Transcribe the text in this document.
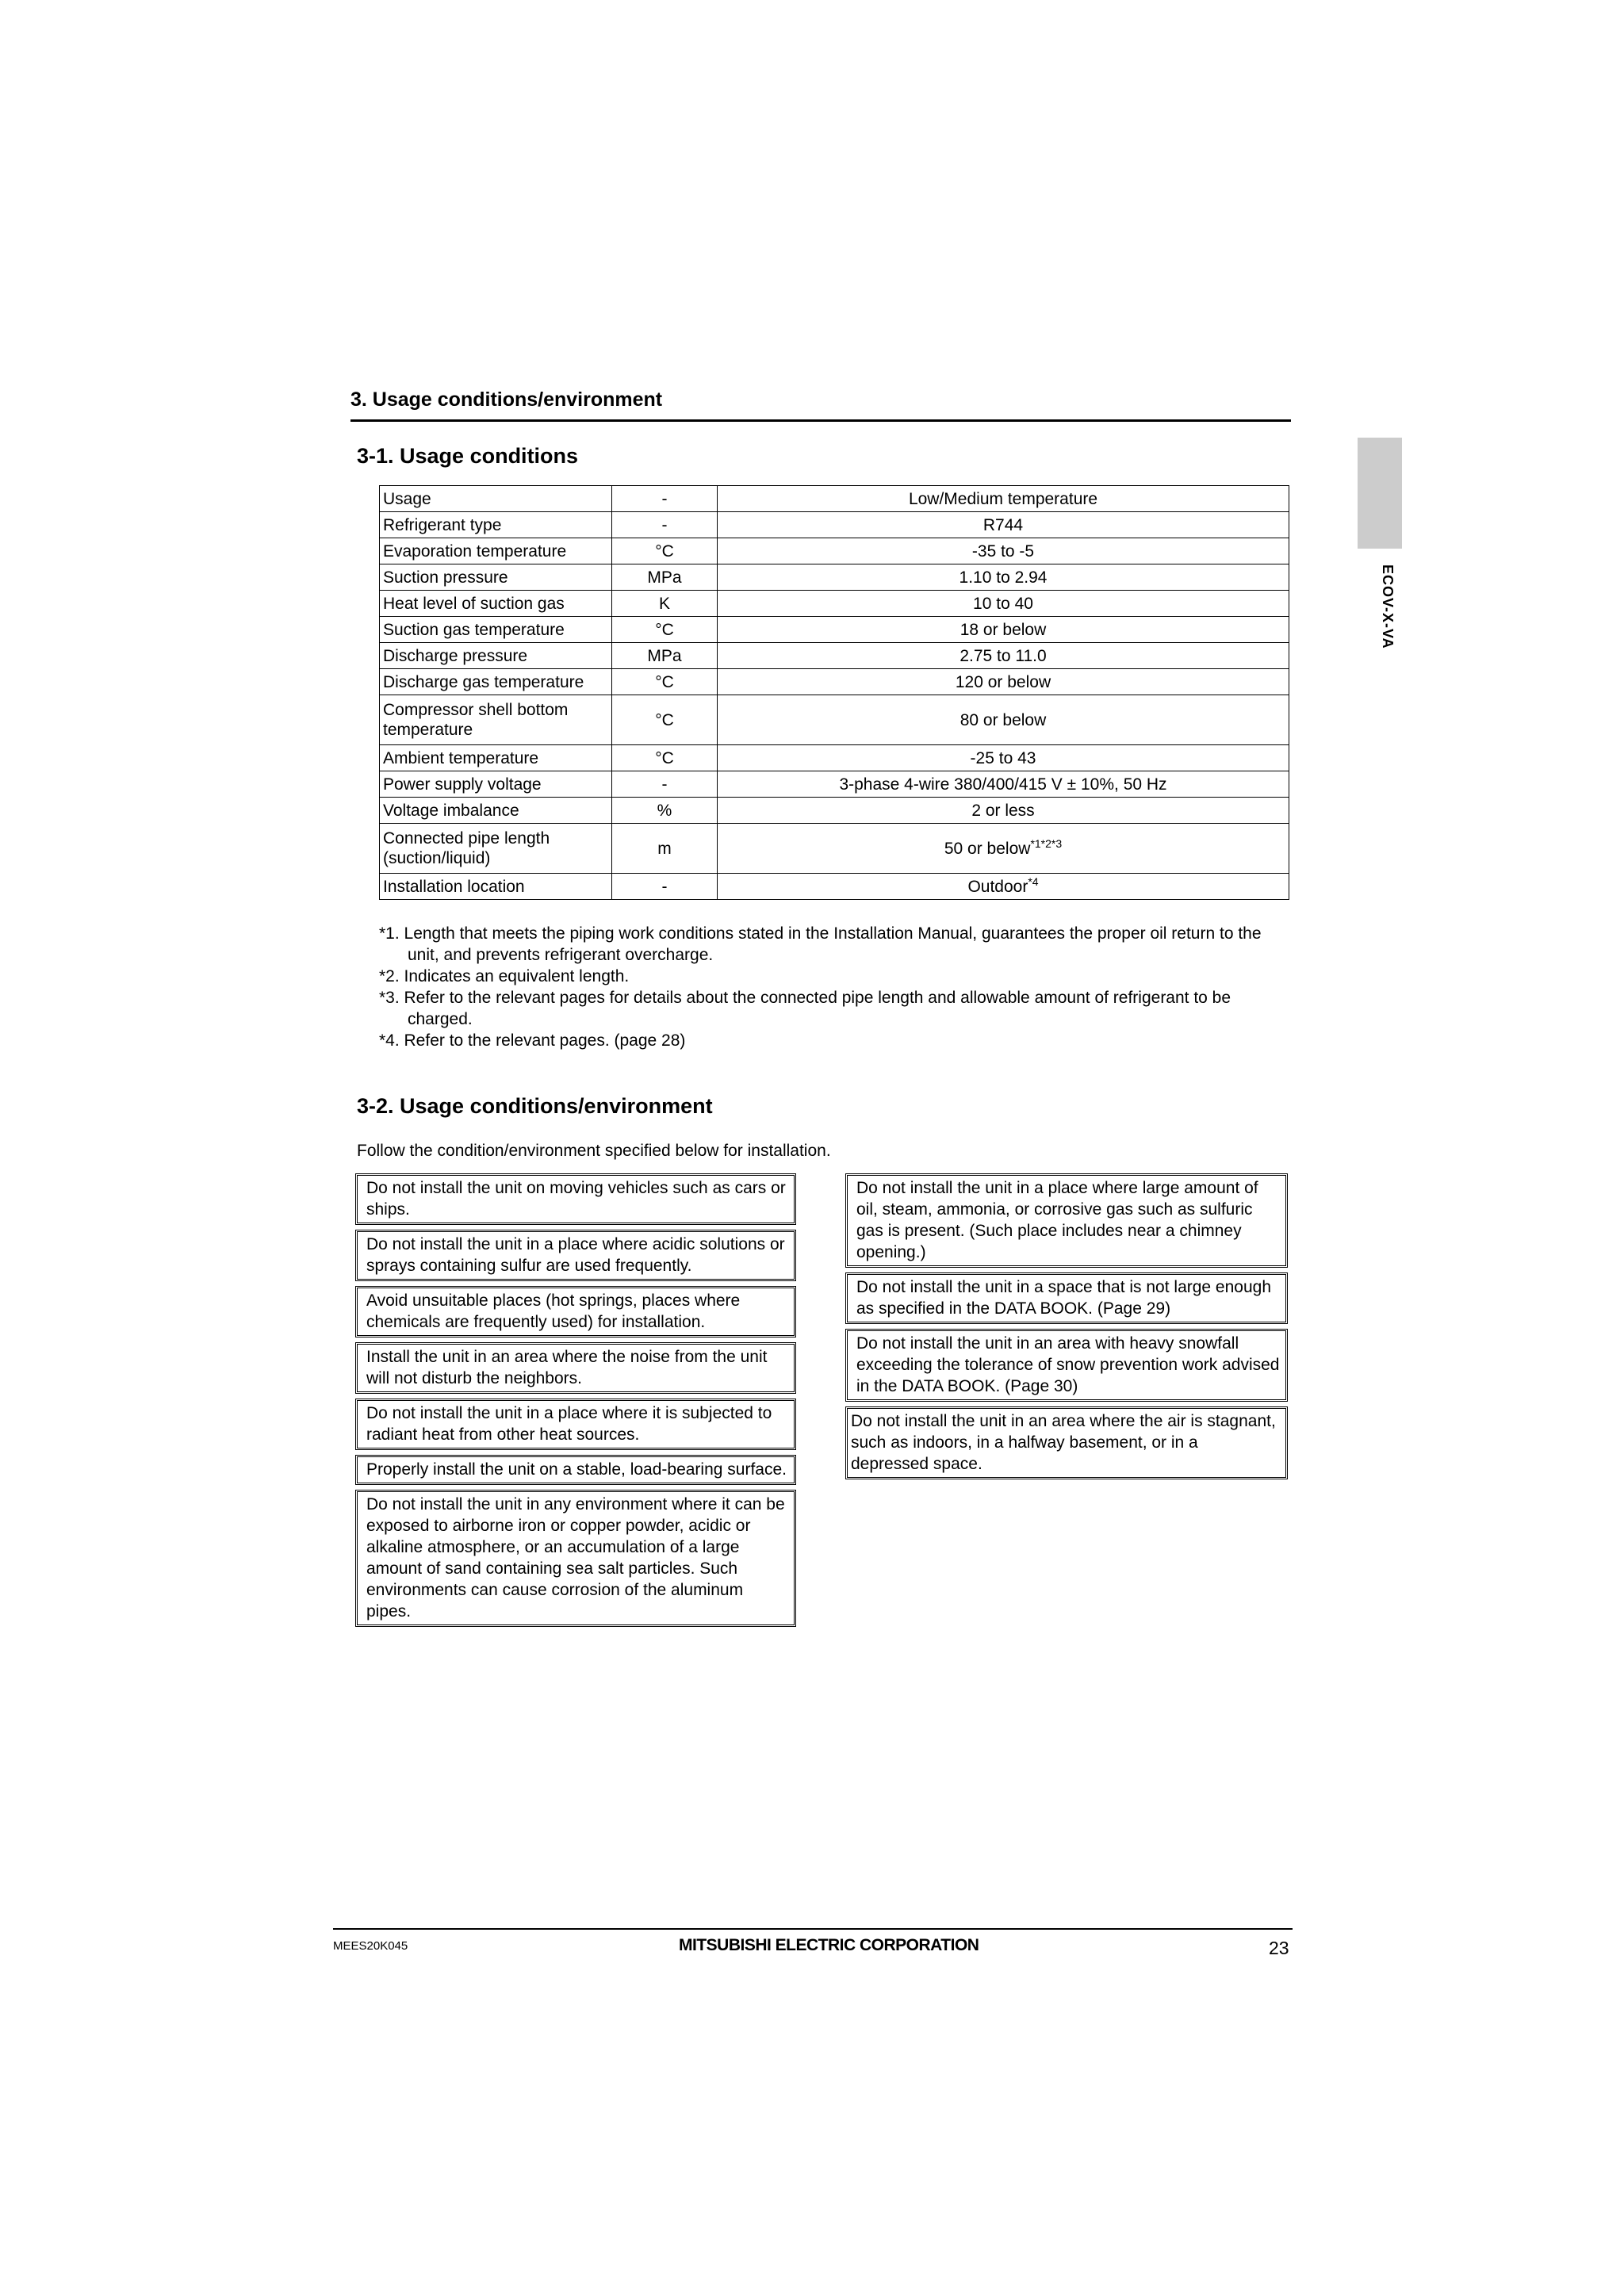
3. Usage conditions/environment
ECOV-X-VA
3-1. Usage conditions
Usage	-	Low/Medium temperature
Refrigerant type	-	R744
Evaporation temperature	°C	-35 to -5
Suction pressure	MPa	1.10 to 2.94
Heat level of suction gas	K	10 to 40
Suction gas temperature	°C	18 or below
Discharge pressure	MPa	2.75 to 11.0
Discharge gas temperature	°C	120 or below
Compressor shell bottom temperature	°C	80 or below
Ambient temperature	°C	-25 to 43
Power supply voltage	-	3-phase 4-wire 380/400/415 V ± 10%, 50 Hz
Voltage imbalance	%	2 or less
Connected pipe length (suction/liquid)	m	50 or below$^{*1*2*3}$
Installation location	-	Outdoor$^{*4}$
*1. Length that meets the piping work conditions stated in the Installation Manual, guarantees the proper oil return to the unit, and prevents refrigerant overcharge.
*2. Indicates an equivalent length.
*3. Refer to the relevant pages for details about the connected pipe length and allowable amount of refrigerant to be charged.
*4. Refer to the relevant pages. (page 28)
3-2. Usage conditions/environment
Follow the condition/environment specified below for installation.
Do not install the unit on moving vehicles such as cars or ships.
Do not install the unit in a place where acidic solutions or sprays containing sulfur are used frequently.
Avoid unsuitable places (hot springs, places where chemicals are frequently used) for installation.
Install the unit in an area where the noise from the unit will not disturb the neighbors.
Do not install the unit in a place where it is subjected to radiant heat from other heat sources.
Properly install the unit on a stable, load-bearing surface.
Do not install the unit in any environment where it can be exposed to airborne iron or copper powder, acidic or alkaline atmosphere, or an accumulation of a large amount of sand containing sea salt particles. Such environments can cause corrosion of the aluminum pipes.
Do not install the unit in a place where large amount of oil, steam, ammonia, or corrosive gas such as sulfuric gas is present. (Such place includes near a chimney opening.)
Do not install the unit in a space that is not large enough as specified in the DATA BOOK. (Page 29)
Do not install the unit in an area with heavy snowfall exceeding the tolerance of snow prevention work advised in the DATA BOOK. (Page 30)
Do not install the unit in an area where the air is stagnant, such as indoors, in a halfway basement, or in a depressed space.
MEES20K045	MITSUBISHI ELECTRIC CORPORATION	23
